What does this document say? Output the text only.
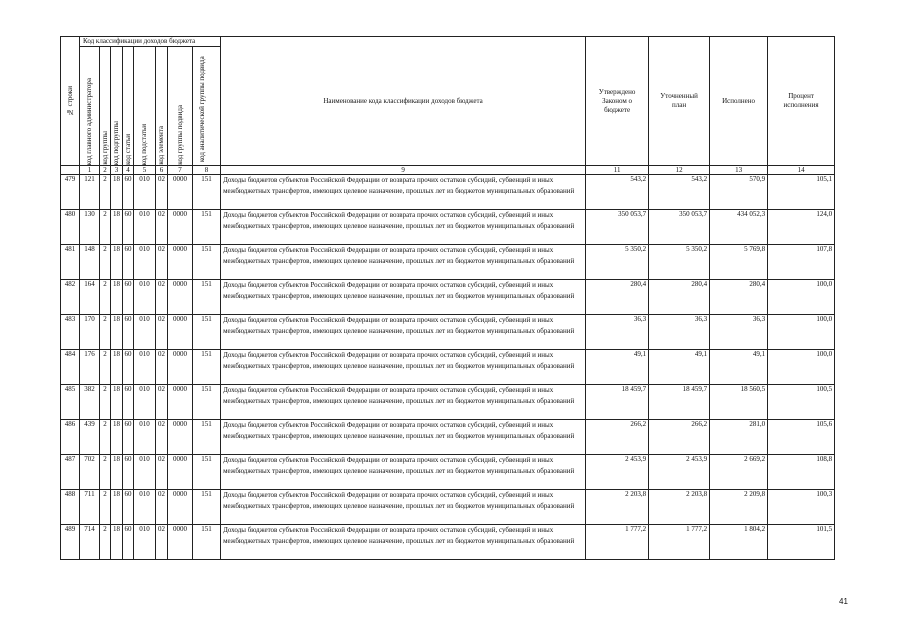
№ строки	Код классификации доходов бюджета								Наименование кода классификации доходов бюджета	Утверждено Законом о бюджете	Уточненный план	Исполнено	Процент исполнения

	код главного администратора	код группы	код подгруппы	код статьи	код подстатьи	код элемента	код группы подвида	код аналитической группы подвида					

	1	2	3	4	5	6	7	8	9	11	12	13	14
479	121	2	18	60	010	02	0000	151	Доходы бюджетов субъектов Российской Федерации от возврата прочих остатков субсидий, субвенций и иных межбюджетных трансфертов, имеющих целевое назначение, прошлых лет из бюджетов муниципальных образований	543,2	543,2	570,9	105,1
480	130	2	18	60	010	02	0000	151	Доходы бюджетов субъектов Российской Федерации от возврата прочих остатков субсидий, субвенций и иных межбюджетных трансфертов, имеющих целевое назначение, прошлых лет из бюджетов муниципальных образований	350 053,7	350 053,7	434 052,3	124,0
481	148	2	18	60	010	02	0000	151	Доходы бюджетов субъектов Российской Федерации от возврата прочих остатков субсидий, субвенций и иных межбюджетных трансфертов, имеющих целевое назначение, прошлых лет из бюджетов муниципальных образований	5 350,2	5 350,2	5 769,8	107,8
482	164	2	18	60	010	02	0000	151	Доходы бюджетов субъектов Российской Федерации от возврата прочих остатков субсидий, субвенций и иных межбюджетных трансфертов, имеющих целевое назначение, прошлых лет из бюджетов муниципальных образований	280,4	280,4	280,4	100,0
483	170	2	18	60	010	02	0000	151	Доходы бюджетов субъектов Российской Федерации от возврата прочих остатков субсидий, субвенций и иных межбюджетных трансфертов, имеющих целевое назначение, прошлых лет из бюджетов муниципальных образований	36,3	36,3	36,3	100,0
484	176	2	18	60	010	02	0000	151	Доходы бюджетов субъектов Российской Федерации от возврата прочих остатков субсидий, субвенций и иных межбюджетных трансфертов, имеющих целевое назначение, прошлых лет из бюджетов муниципальных образований	49,1	49,1	49,1	100,0
485	382	2	18	60	010	02	0000	151	Доходы бюджетов субъектов Российской Федерации от возврата прочих остатков субсидий, субвенций и иных межбюджетных трансфертов, имеющих целевое назначение, прошлых лет из бюджетов муниципальных образований	18 459,7	18 459,7	18 560,5	100,5
486	439	2	18	60	010	02	0000	151	Доходы бюджетов субъектов Российской Федерации от возврата прочих остатков субсидий, субвенций и иных межбюджетных трансфертов, имеющих целевое назначение, прошлых лет из бюджетов муниципальных образований	266,2	266,2	281,0	105,6
487	702	2	18	60	010	02	0000	151	Доходы бюджетов субъектов Российской Федерации от возврата прочих остатков субсидий, субвенций и иных межбюджетных трансфертов, имеющих целевое назначение, прошлых лет из бюджетов муниципальных образований	2 453,9	2 453,9	2 669,2	108,8
488	711	2	18	60	010	02	0000	151	Доходы бюджетов субъектов Российской Федерации от возврата прочих остатков субсидий, субвенций и иных межбюджетных трансфертов, имеющих целевое назначение, прошлых лет из бюджетов муниципальных образований	2 203,8	2 203,8	2 209,8	100,3
489	714	2	18	60	010	02	0000	151	Доходы бюджетов субъектов Российской Федерации от возврата прочих остатков субсидий, субвенций и иных межбюджетных трансфертов, имеющих целевое назначение, прошлых лет из бюджетов муниципальных образований	1 777,2	1 777,2	1 804,2	101,5
41
